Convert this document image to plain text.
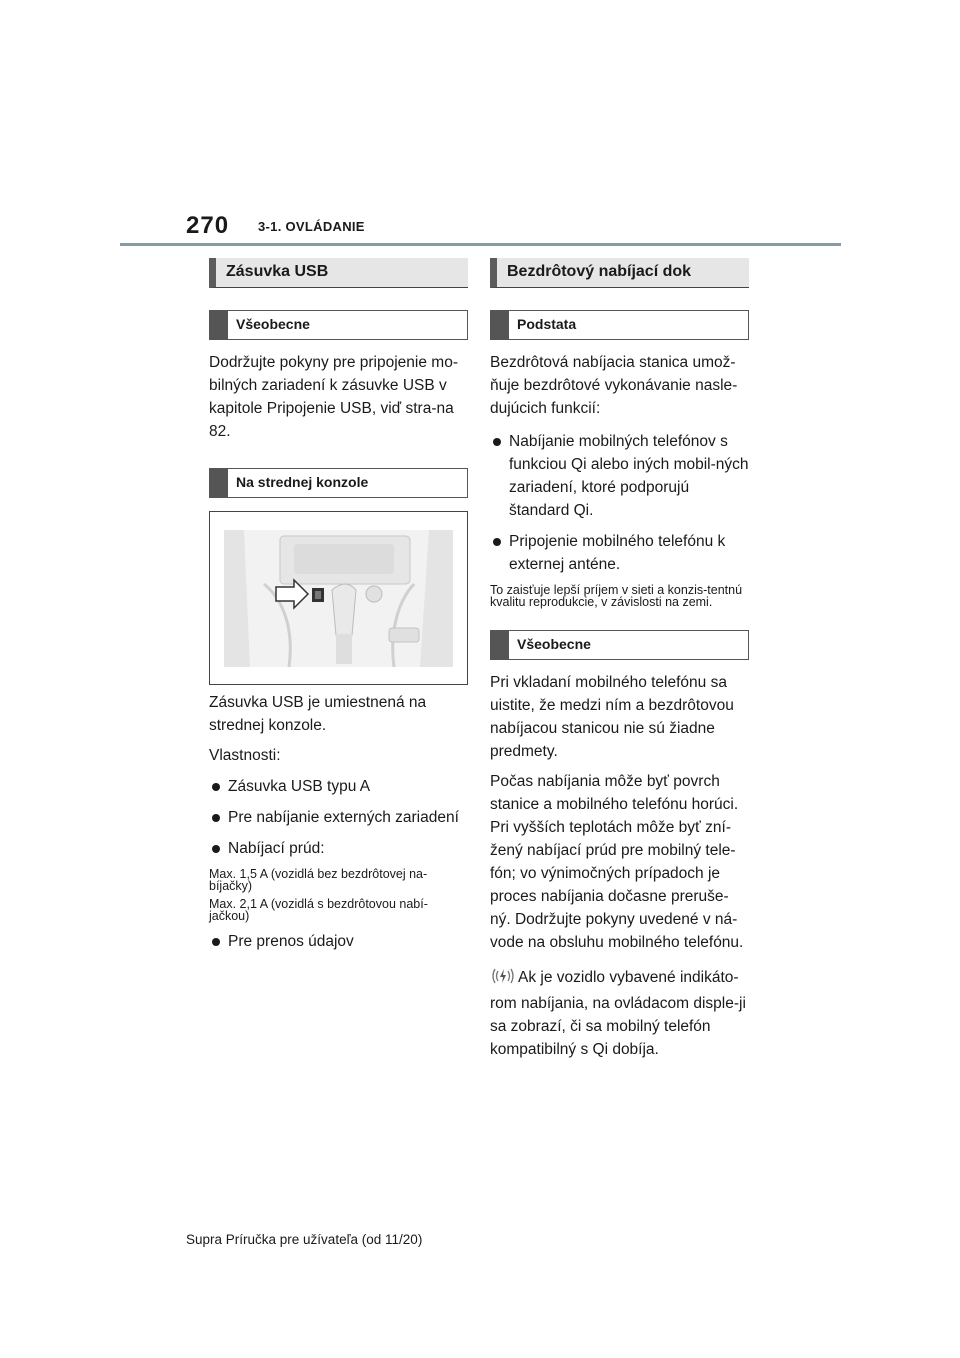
270 3-1. OVLÁDANIE
Zásuvka USB
Všeobecne

Dodržujte pokyny pre pripojenie mo-bilných zariadení k zásuvke USB v kapitole Pripojenie USB, viď stra-na 82.

Na strednej konzole

Zásuvka USB je umiestnená na strednej konzole.

Vlastnosti:

Zásuvka USB typu A
Pre nabíjanie externých zariadení
Nabíjací prúd:

Max. 1,5 A (vozidlá bez bezdrôtovej na-bíjačky)

Max. 2,1 A (vozidlá s bezdrôtovou nabí-jačkou)

Pre prenos údajov
Bezdrôtový nabíjací dok
Podstata

Bezdrôtová nabíjacia stanica umož-ňuje bezdrôtové vykonávanie nasle-dujúcich funkcií:

Nabíjanie mobilných telefónov s funkciou Qi alebo iných mobil-ných zariadení, ktoré podporujú štandard Qi.
Pripojenie mobilného telefónu k externej anténe.

To zaisťuje lepší príjem v sieti a konzis-tentnú kvalitu reprodukcie, v závislosti na zemi.

Všeobecne

Pri vkladaní mobilného telefónu sa uistite, že medzi ním a bezdrôtovou nabíjacou stanicou nie sú žiadne predmety.

Počas nabíjania môže byť povrch stanice a mobilného telefónu horúci. Pri vyšších teplotách môže byť zní-žený nabíjací prúd pre mobilný tele-fón; vo výnimočných prípadoch je proces nabíjania dočasne preruše-ný. Dodržujte pokyny uvedené v ná-vode na obsluhu mobilného telefónu.

Ak je vozidlo vybavené indikáto-rom nabíjania, na ovládacom disple-ji sa zobrazí, či sa mobilný telefón kompatibilný s Qi dobíja.

Supra Príručka pre užívateľa (od 11/20)
